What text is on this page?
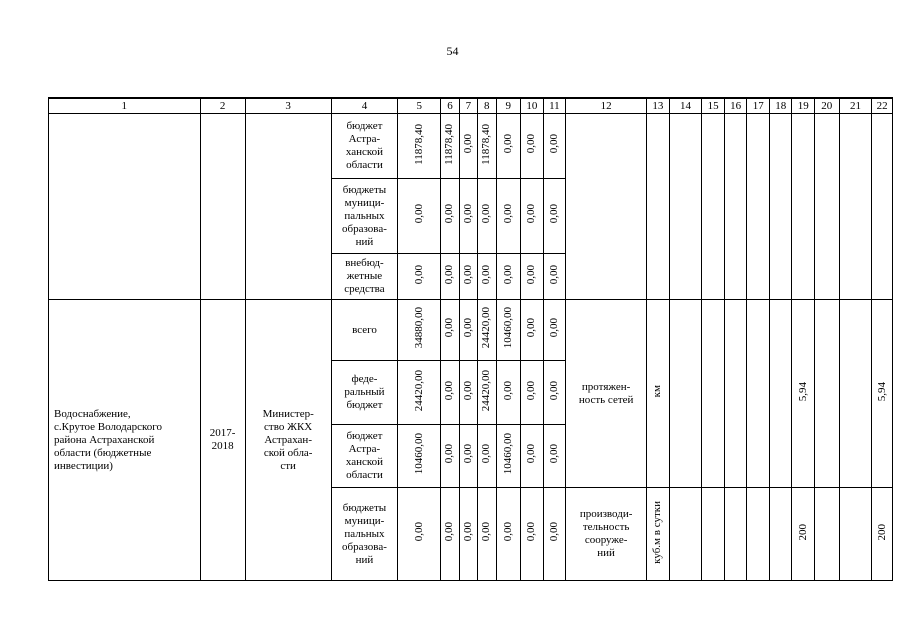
54
1	2	3	4	5	6	7	8	9	10	11	12	13	14	15	16	17	18	19	20	21	22

			бюджет
Астра-
ханской
области	11878,40	11878,40	0,00	11878,40	0,00	0,00	0,00											

			бюджеты
муници-
пальных
образова-
ний	0,00	0,00	0,00	0,00	0,00	0,00	0,00											

			внебюд-
жетные
средства	0,00	0,00	0,00	0,00	0,00	0,00	0,00											

Водоснабжение,
с.Крутое Володарского
района Астраханской
области (бюджетные
инвестиции)	2017-
2018	Министер-
ство ЖКХ
Астрахан-
ской обла-
сти	всего	34880,00	0,00	0,00	24420,00	10460,00	0,00	0,00	протяжен-
ность сетей	км						5,94			5,94

			феде-
ральный
бюджет	24420,00	0,00	0,00	24420,00	0,00	0,00	0,00											

			бюджет
Астра-
ханской
области	10460,00	0,00	0,00	0,00	10460,00	0,00	0,00											

			бюджеты
муници-
пальных
образова-
ний	0,00	0,00	0,00	0,00	0,00	0,00	0,00	производи-
тельность
сооруже-
ний	куб.м в сутки						200			200
